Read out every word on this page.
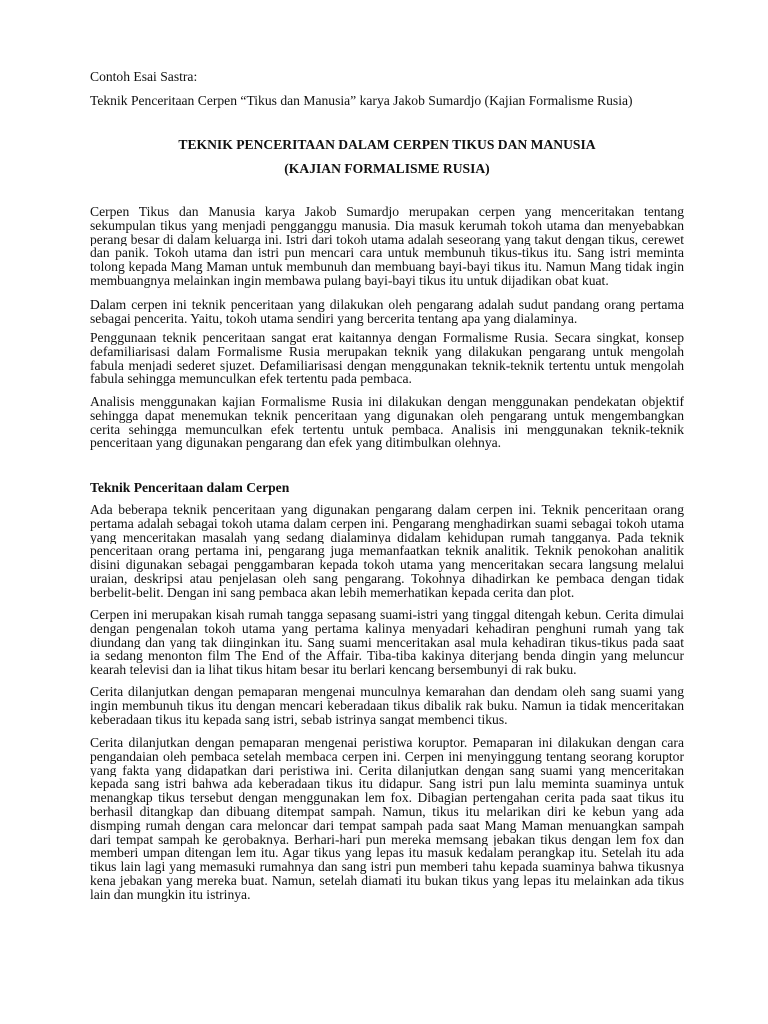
Contoh Esai Sastra:
Teknik Penceritaan Cerpen “Tikus dan Manusia” karya Jakob Sumardjo (Kajian Formalisme Rusia)
TEKNIK PENCERITAAN DALAM CERPEN TIKUS DAN MANUSIA
(KAJIAN FORMALISME RUSIA)
Cerpen Tikus dan Manusia karya Jakob Sumardjo merupakan cerpen yang menceritakan tentang
sekumpulan tikus yang menjadi pengganggu manusia. Dia masuk kerumah tokoh utama dan menyebabkan
perang besar di dalam keluarga ini. Istri dari tokoh utama adalah seseorang yang takut dengan tikus, cerewet
dan panik. Tokoh utama dan istri pun mencari cara untuk membunuh tikus-tikus itu. Sang istri meminta
tolong kepada Mang Maman untuk membunuh dan membuang bayi-bayi tikus itu. Namun Mang tidak ingin
membuangnya melainkan ingin membawa pulang bayi-bayi tikus itu untuk dijadikan obat kuat.
Dalam cerpen ini teknik penceritaan yang dilakukan oleh pengarang adalah sudut pandang orang pertama
sebagai pencerita. Yaitu, tokoh utama sendiri yang bercerita tentang apa yang dialaminya.
Penggunaan teknik penceritaan sangat erat kaitannya dengan Formalisme Rusia. Secara singkat, konsep
defamiliarisasi dalam Formalisme Rusia merupakan teknik yang dilakukan pengarang untuk mengolah
fabula menjadi sederet sjuzet. Defamiliarisasi dengan menggunakan teknik-teknik tertentu untuk mengolah
fabula sehingga memunculkan efek tertentu pada pembaca.
Analisis menggunakan kajian Formalisme Rusia ini dilakukan dengan menggunakan pendekatan objektif
sehingga dapat menemukan teknik penceritaan yang digunakan oleh pengarang untuk mengembangkan
cerita sehingga memunculkan efek tertentu untuk pembaca. Analisis ini menggunakan teknik-teknik
penceritaan yang digunakan pengarang dan efek yang ditimbulkan olehnya.
Teknik Penceritaan dalam Cerpen
Ada beberapa teknik penceritaan yang digunakan pengarang dalam cerpen ini. Teknik penceritaan orang
pertama adalah sebagai tokoh utama dalam cerpen ini. Pengarang menghadirkan suami sebagai tokoh utama
yang menceritakan masalah yang sedang dialaminya didalam kehidupan rumah tangganya. Pada teknik
penceritaan orang pertama ini, pengarang juga memanfaatkan teknik analitik. Teknik penokohan analitik
disini digunakan sebagai penggambaran kepada tokoh utama yang menceritakan secara langsung melalui
uraian, deskripsi atau penjelasan oleh sang pengarang. Tokohnya dihadirkan ke pembaca dengan tidak
berbelit-belit. Dengan ini sang pembaca akan lebih memerhatikan kepada cerita dan plot.
Cerpen ini merupakan kisah rumah tangga sepasang suami-istri yang tinggal ditengah kebun. Cerita dimulai
dengan pengenalan tokoh utama yang pertama kalinya menyadari kehadiran penghuni rumah yang tak
diundang dan yang tak diinginkan itu. Sang suami menceritakan asal mula kehadiran tikus-tikus pada saat
ia sedang menonton film The End of the Affair. Tiba-tiba kakinya diterjang benda dingin yang meluncur
kearah televisi dan ia lihat tikus hitam besar itu berlari kencang bersembunyi di rak buku.
Cerita dilanjutkan dengan pemaparan mengenai munculnya kemarahan dan dendam oleh sang suami yang
ingin membunuh tikus itu dengan mencari keberadaan tikus dibalik rak buku. Namun ia tidak menceritakan
keberadaan tikus itu kepada sang istri, sebab istrinya sangat membenci tikus.
Cerita dilanjutkan dengan pemaparan mengenai peristiwa koruptor. Pemaparan ini dilakukan dengan cara
pengandaian oleh pembaca setelah membaca cerpen ini. Cerpen ini menyinggung tentang seorang koruptor
yang fakta yang didapatkan dari peristiwa ini. Cerita dilanjutkan dengan sang suami yang menceritakan
kepada sang istri bahwa ada keberadaan tikus itu didapur. Sang istri pun lalu meminta suaminya untuk
menangkap tikus tersebut dengan menggunakan lem fox. Dibagian pertengahan cerita pada saat tikus itu
berhasil ditangkap dan dibuang ditempat sampah. Namun, tikus itu melarikan diri ke kebun yang ada
dismping rumah dengan cara meloncar dari tempat sampah pada saat Mang Maman menuangkan sampah
dari tempat sampah ke gerobaknya. Berhari-hari pun mereka memsang jebakan tikus dengan lem fox dan
memberi umpan ditengan lem itu. Agar tikus yang lepas itu masuk kedalam perangkap itu. Setelah itu ada
tikus lain lagi yang memasuki rumahnya dan sang istri pun memberi tahu kepada suaminya bahwa tikusnya
kena jebakan yang mereka buat. Namun, setelah diamati itu bukan tikus yang lepas itu melainkan ada tikus
lain dan mungkin itu istrinya.
